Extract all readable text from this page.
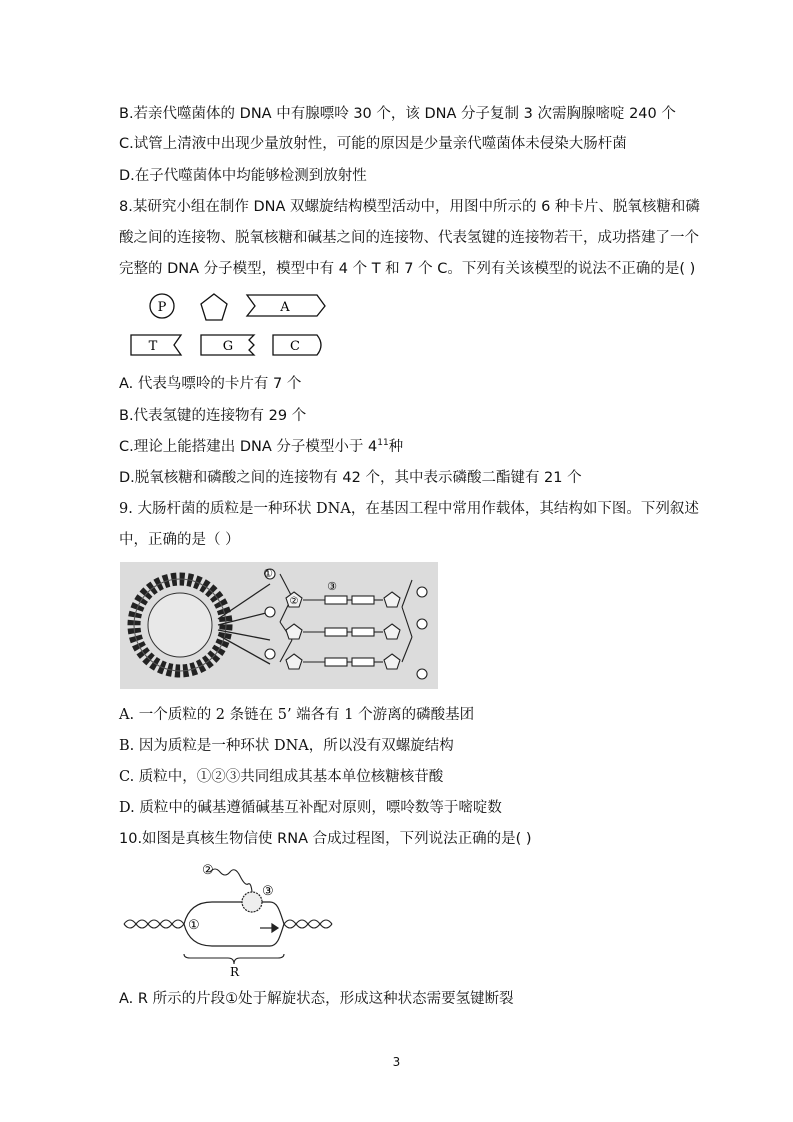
B.若亲代噬菌体的 DNA 中有腺嘌呤 30 个，该 DNA 分子复制 3 次需胸腺嘧啶 240 个
C.试管上清液中出现少量放射性，可能的原因是少量亲代噬菌体未侵染大肠杆菌
D.在子代噬菌体中均能够检测到放射性
8.某研究小组在制作 DNA 双螺旋结构模型活动中，用图中所示的 6 种卡片、脱氧核糖和磷
酸之间的连接物、脱氧核糖和碱基之间的连接物、代表氢键的连接物若干，成功搭建了一个
完整的 DNA 分子模型，模型中有 4 个 T 和 7 个 C。下列有关该模型的说法不正确的是( )
P	A
T	G	C
A. 代表鸟嘌呤的卡片有 7 个
B.代表氢键的连接物有 29 个
C.理论上能搭建出 DNA 分子模型小于 $4^{11}$种
D.脱氧核糖和磷酸之间的连接物有 42 个，其中表示磷酸二酯键有 21 个
9. 大肠杆菌的质粒是一种环状 DNA，在基因工程中常用作载体，其结构如下图。下列叙述
中，正确的是（ ）
①
②
③
A. 一个质粒的 2 条链在 5’ 端各有 1 个游离的磷酸基团
B. 因为质粒是一种环状 DNA，所以没有双螺旋结构
C. 质粒中，①②③共同组成其基本单位核糖核苷酸
D. 质粒中的碱基遵循碱基互补配对原则，嘌呤数等于嘧啶数
10.如图是真核生物信使 RNA 合成过程图，下列说法正确的是( )
①
②
③
R
A. R 所示的片段①处于解旋状态，形成这种状态需要氢键断裂
3
